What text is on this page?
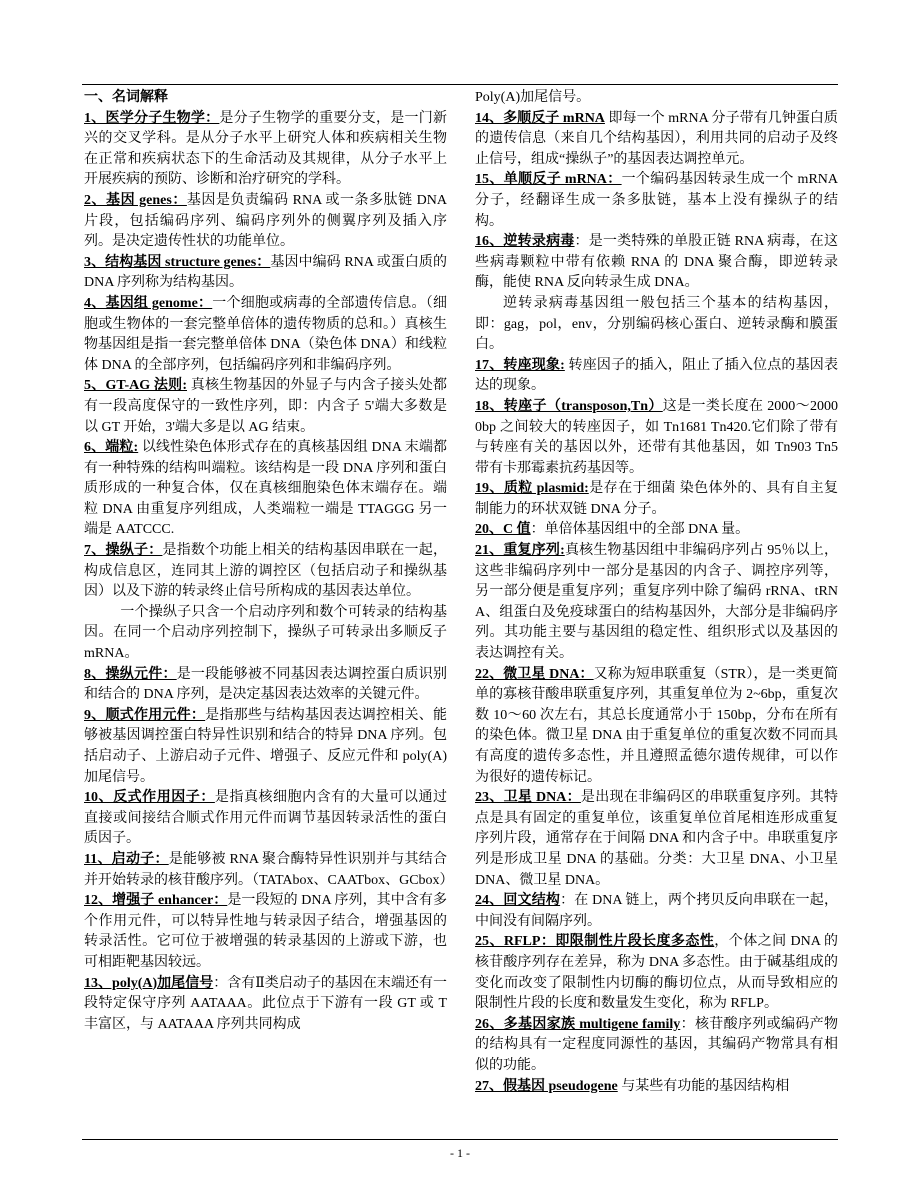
一、名词解释

1、医学分子生物学：是分子生物学的重要分支，是一门新兴的交叉学科。是从分子水平上研究人体和疾病相关生物在正常和疾病状态下的生命活动及其规律，从分子水平上开展疾病的预防、诊断和治疗研究的学科。

2、基因 genes：基因是负责编码 RNA 或一条多肽链 DNA 片段，包括编码序列、编码序列外的侧翼序列及插入序列。是决定遗传性状的功能单位。

3、结构基因 structure genes：基因中编码 RNA 或蛋白质的 DNA 序列称为结构基因。

4、基因组 genome：一个细胞或病毒的全部遗传信息。（细胞或生物体的一套完整单倍体的遗传物质的总和。）真核生物基因组是指一套完整单倍体 DNA（染色体 DNA）和线粒体 DNA 的全部序列，包括编码序列和非编码序列。

5、GT-AG 法则: 真核生物基因的外显子与内含子接头处都有一段高度保守的一致性序列，即：内含子 5'端大多数是以 GT 开始，3'端大多是以 AG 结束。

6、端粒: 以线性染色体形式存在的真核基因组 DNA 末端都有一种特殊的结构叫端粒。该结构是一段 DNA 序列和蛋白质形成的一种复合体，仅在真核细胞染色体末端存在。端粒 DNA 由重复序列组成，人类端粒一端是 TTAGGG 另一端是 AATCCC.

7、操纵子：是指数个功能上相关的结构基因串联在一起，构成信息区，连同其上游的调控区（包括启动子和操纵基因）以及下游的转录终止信号所构成的基因表达单位。

一个操纵子只含一个启动序列和数个可转录的结构基因。在同一个启动序列控制下，操纵子可转录出多顺反子 mRNA。

8、操纵元件：是一段能够被不同基因表达调控蛋白质识别和结合的 DNA 序列，是决定基因表达效率的关键元件。

9、顺式作用元件：是指那些与结构基因表达调控相关、能够被基因调控蛋白特异性识别和结合的特异 DNA 序列。包括启动子、上游启动子元件、增强子、反应元件和 poly(A)加尾信号。

10、反式作用因子：是指真核细胞内含有的大量可以通过直接或间接结合顺式作用元件而调节基因转录活性的蛋白质因子。

11、启动子：是能够被 RNA 聚合酶特异性识别并与其结合并开始转录的核苷酸序列。（TATAbox、CAATbox、GCbox）

12、增强子 enhancer：是一段短的 DNA 序列，其中含有多个作用元件，可以特异性地与转录因子结合，增强基因的转录活性。它可位于被增强的转录基因的上游或下游，也可相距靶基因较远。

13、poly(A)加尾信号：含有Ⅱ类启动子的基因在末端还有一段特定保守序列 AATAAA。此位点于下游有一段 GT 或 T 丰富区，与 AATAAA 序列共同构成

Poly(A)加尾信号。

14、多顺反子 mRNA 即每一个 mRNA 分子带有几钟蛋白质的遗传信息（来自几个结构基因），利用共同的启动子及终止信号，组成“操纵子”的基因表达调控单元。

15、单顺反子 mRNA：一个编码基因转录生成一个 mRNA 分子，经翻译生成一条多肽链，基本上没有操纵子的结构。

16、逆转录病毒：是一类特殊的单股正链 RNA 病毒，在这些病毒颗粒中带有依赖 RNA 的 DNA 聚合酶，即逆转录酶，能使 RNA 反向转录生成 DNA。

逆转录病毒基因组一般包括三个基本的结构基因，即：gag，pol，env，分别编码核心蛋白、逆转录酶和膜蛋白。

17、转座现象: 转座因子的插入，阻止了插入位点的基因表达的现象。

18、转座子（transposon,Tn）这是一类长度在 2000～20000bp 之间较大的转座因子，如 Tn1681 Tn420.它们除了带有与转座有关的基因以外，还带有其他基因，如 Tn903 Tn5 带有卡那霉素抗药基因等。

19、质粒 plasmid:是存在于细菌 染色体外的、具有自主复制能力的环状双链 DNA 分子。

20、C 值：单倍体基因组中的全部 DNA 量。

21、重复序列:真核生物基因组中非编码序列占 95％以上，这些非编码序列中一部分是基因的内含子、调控序列等，另一部分便是重复序列；重复序列中除了编码 rRNA、tRNA、组蛋白及免疫球蛋白的结构基因外，大部分是非编码序列。其功能主要与基因组的稳定性、组织形式以及基因的表达调控有关。

22、微卫星 DNA：又称为短串联重复（STR），是一类更简单的寡核苷酸串联重复序列，其重复单位为 2~6bp，重复次数 10～60 次左右，其总长度通常小于 150bp，分布在所有的染色体。微卫星 DNA 由于重复单位的重复次数不同而具有高度的遗传多态性，并且遵照孟德尔遗传规律，可以作为很好的遗传标记。

23、卫星 DNA：是出现在非编码区的串联重复序列。其特点是具有固定的重复单位，该重复单位首尾相连形成重复序列片段，通常存在于间隔 DNA 和内含子中。串联重复序列是形成卫星 DNA 的基础。分类：大卫星 DNA、小卫星 DNA、微卫星 DNA。

24、回文结构：在 DNA 链上，两个拷贝反向串联在一起，中间没有间隔序列。

25、RFLP：即限制性片段长度多态性，个体之间 DNA 的核苷酸序列存在差异，称为 DNA 多态性。由于碱基组成的变化而改变了限制性内切酶的酶切位点，从而导致相应的限制性片段的长度和数量发生变化，称为 RFLP。

26、多基因家族 multigene family：核苷酸序列或编码产物的结构具有一定程度同源性的基因，其编码产物常具有相似的功能。

27、假基因 pseudogene 与某些有功能的基因结构相

- 1 -
